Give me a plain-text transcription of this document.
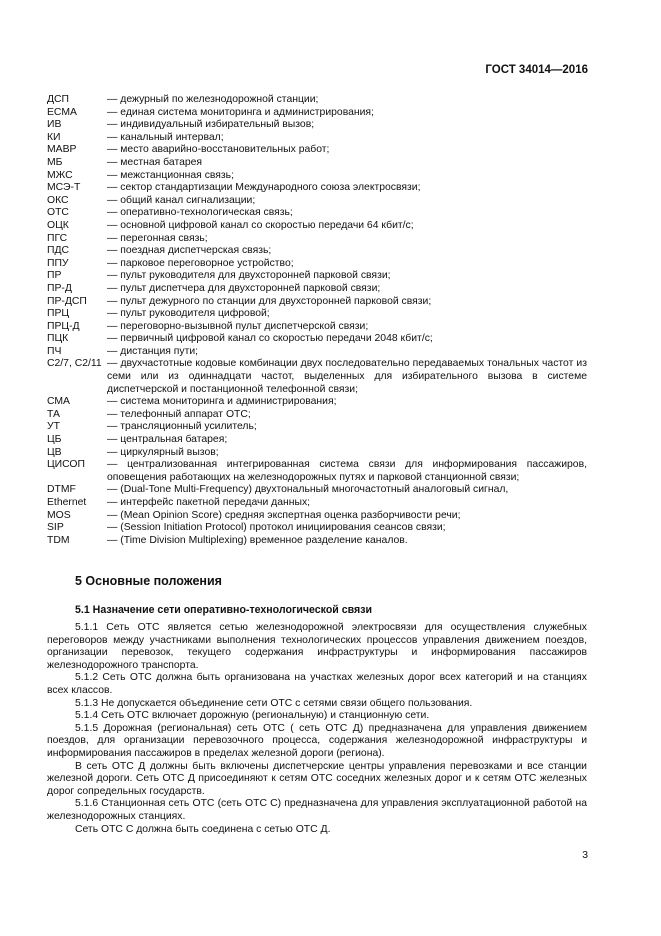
ГОСТ 34014—2016
ДСП	— дежурный по железнодорожной станции;
ЕСМА	— единая система мониторинга и администрирования;
ИВ	— индивидуальный избирательный вызов;
КИ	— канальный интервал;
МАВР	— место аварийно-восстановительных работ;
МБ	— местная батарея
МЖС	— межстанционная связь;
МСЭ-Т	— сектор стандартизации Международного союза электросвязи;
ОКС	— общий канал сигнализации;
ОТС	— оперативно-технологическая связь;
ОЦК	— основной цифровой канал со скоростью передачи 64 кбит/с;
ПГС	— перегонная связь;
ПДС	— поездная диспетчерская связь;
ППУ	— парковое переговорное устройство;
ПР	— пульт руководителя для двухсторонней парковой связи;
ПР-Д	— пульт диспетчера для двухсторонней парковой связи;
ПР-ДСП	— пульт дежурного по станции для двухсторонней парковой связи;
ПРЦ	— пульт руководителя цифровой;
ПРЦ-Д	— переговорно-вызывной пульт диспетчерской связи;
ПЦК	— первичный цифровой канал со скоростью передачи 2048 кбит/с;
ПЧ	— дистанция пути;
С2/7, С2/11 — двухчастотные кодовые комбинации двух последовательно передаваемых тональных частот из семи или из одиннадцати частот, выделенных для избирательного вызова в системе диспетчерской и постанционной телефонной связи;
СМА	— система мониторинга и администрирования;
ТА	— телефонный аппарат ОТС;
УТ	— трансляционный усилитель;
ЦБ	— центральная батарея;
ЦВ	— циркулярный вызов;
ЦИСОП	— централизованная интегрированная система связи для информирования пассажиров, оповещения работающих на железнодорожных путях и парковой станционной связи;
DTMF	— (Dual-Tone Multi-Frequency) двухтональный многочастотный аналоговый сигнал,
Ethernet	— интерфейс пакетной передачи данных;
MOS	— (Mean Opinion Score) средняя экспертная оценка разборчивости речи;
SIP	— (Session Initiation Protocol) протокол инициирования сеансов связи;
TDM	— (Time Division Multiplexing) временное разделение каналов.
5 Основные положения
5.1 Назначение сети оперативно-технологической связи

5.1.1 Сеть ОТС является сетью железнодорожной электросвязи для осуществления служебных переговоров между участниками выполнения технологических процессов управления движением поездов, организации перевозок, текущего содержания инфраструктуры и информирования пассажиров железнодорожного транспорта.

5.1.2 Сеть ОТС должна быть организована на участках железных дорог всех категорий и на станциях всех классов.

5.1.3 Не допускается объединение сети ОТС с сетями связи общего пользования.

5.1.4 Сеть ОТС включает дорожную (региональную) и станционную сети.

5.1.5 Дорожная (региональная) сеть ОТС ( сеть ОТС Д) предназначена для управления движением поездов, для организации перевозочного процесса, содержания железнодорожной инфраструктуры и информирования пассажиров в пределах железной дороги (региона).

В сеть ОТС Д должны быть включены диспетчерские центры управления перевозками и все станции железной дороги. Сеть ОТС Д присоединяют к сетям ОТС соседних железных дорог и к сетям ОТС железных дорог сопредельных государств.

5.1.6 Станционная сеть ОТС (сеть ОТС С) предназначена для управления эксплуатационной работой на железнодорожных станциях.

Сеть ОТС С должна быть соединена с сетью ОТС Д.

3
